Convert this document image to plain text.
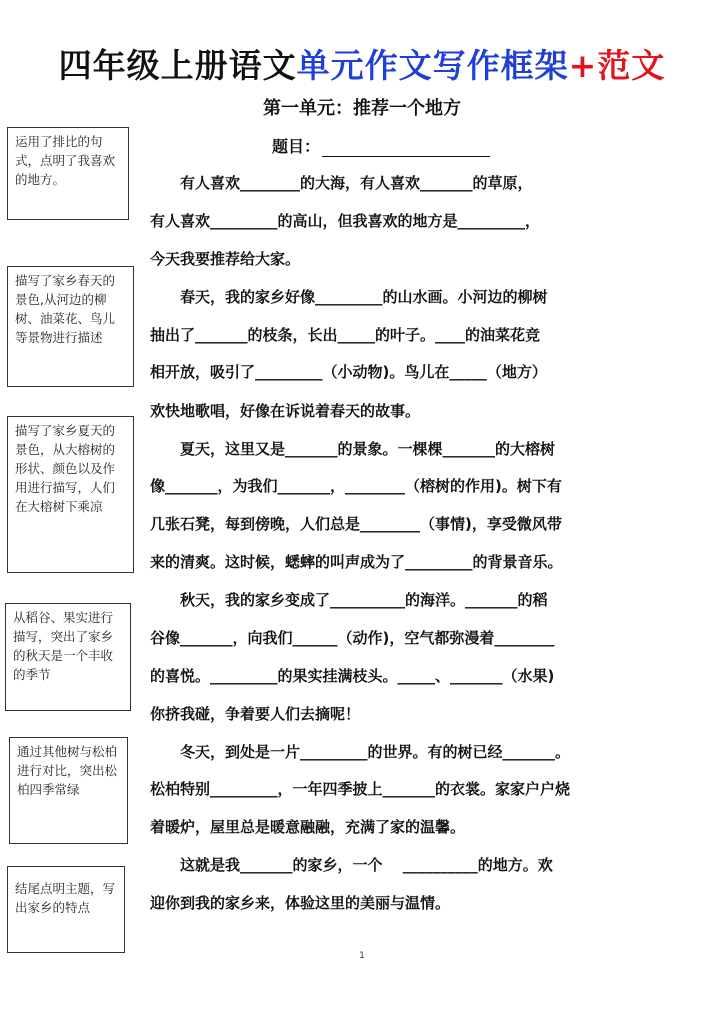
四年级上册语文单元作文写作框架+范文
第一单元：推荐一个地方
题目：
运用了排比的句式，点明了我喜欢的地方。
描写了家乡春天的景色,从河边的柳树、油菜花、鸟儿等景物进行描述
描写了家乡夏天的景色，从大榕树的形状、颜色以及作用进行描写，人们在大榕树下乘凉
从稻谷、果实进行描写，突出了家乡的秋天是一个丰收的季节
通过其他树与松柏进行对比，突出松柏四季常绿
结尾点明主题，写出家乡的特点
　　有人喜欢________的大海，有人喜欢_______的草原，
有人喜欢_________的高山，但我喜欢的地方是_________，
今天我要推荐给大家。
　　春天，我的家乡好像_________的山水画。小河边的柳树
抽出了_______的枝条，长出_____的叶子。____的油菜花竞
相开放，吸引了_________（小动物)。鸟儿在_____（地方）
欢快地歌唱，好像在诉说着春天的故事。
　　夏天，这里又是_______的景象。一棵棵_______的大榕树
像_______，为我们_______，________（榕树的作用)。树下有
几张石凳，每到傍晚，人们总是________（事情)，享受微风带
来的清爽。这时候，蟋蟀的叫声成为了_________的背景音乐。
　　秋天，我的家乡变成了__________的海洋。_______的稻
谷像_______，向我们______（动作)，空气都弥漫着________
的喜悦。_________的果实挂满枝头。_____、_______（水果)
你挤我碰，争着要人们去摘呢！
　　冬天，到处是一片_________的世界。有的树已经_______。
松柏特别_________，一年四季披上_______的衣裳。家家户户烧
着暖炉，屋里总是暖意融融，充满了家的温馨。
　　这就是我_______的家乡，一个　 __________的地方。欢
迎你到我的家乡来，体验这里的美丽与温情。
1
